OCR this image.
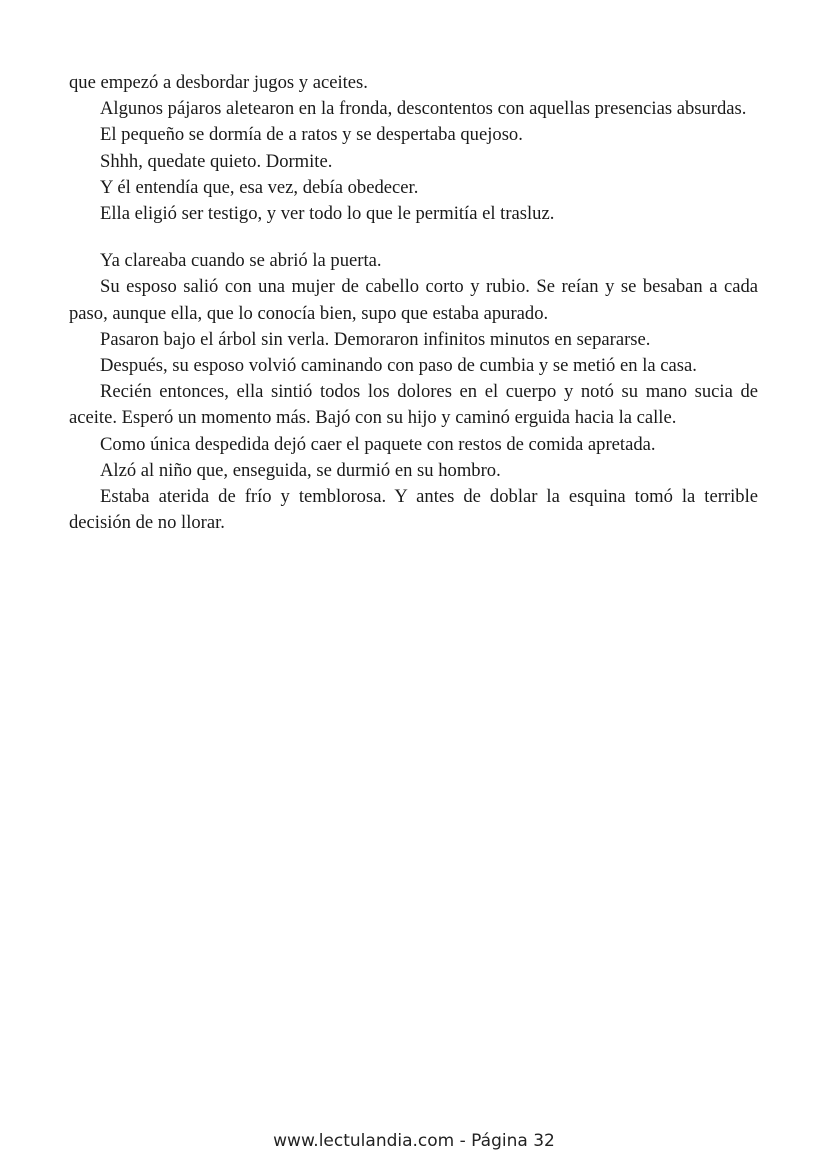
que empezó a desbordar jugos y aceites.

Algunos pájaros aletearon en la fronda, descontentos con aquellas presencias absurdas.

El pequeño se dormía de a ratos y se despertaba quejoso.

Shhh, quedate quieto. Dormite.

Y él entendía que, esa vez, debía obedecer.

Ella eligió ser testigo, y ver todo lo que le permitía el trasluz.

Ya clareaba cuando se abrió la puerta.

Su esposo salió con una mujer de cabello corto y rubio. Se reían y se besaban a cada paso, aunque ella, que lo conocía bien, supo que estaba apurado.

Pasaron bajo el árbol sin verla. Demoraron infinitos minutos en separarse.

Después, su esposo volvió caminando con paso de cumbia y se metió en la casa.

Recién entonces, ella sintió todos los dolores en el cuerpo y notó su mano sucia de aceite. Esperó un momento más. Bajó con su hijo y caminó erguida hacia la calle.

Como única despedida dejó caer el paquete con restos de comida apretada.

Alzó al niño que, enseguida, se durmió en su hombro.

Estaba aterida de frío y temblorosa. Y antes de doblar la esquina tomó la terrible decisión de no llorar.

www.lectulandia.com - Página 32
